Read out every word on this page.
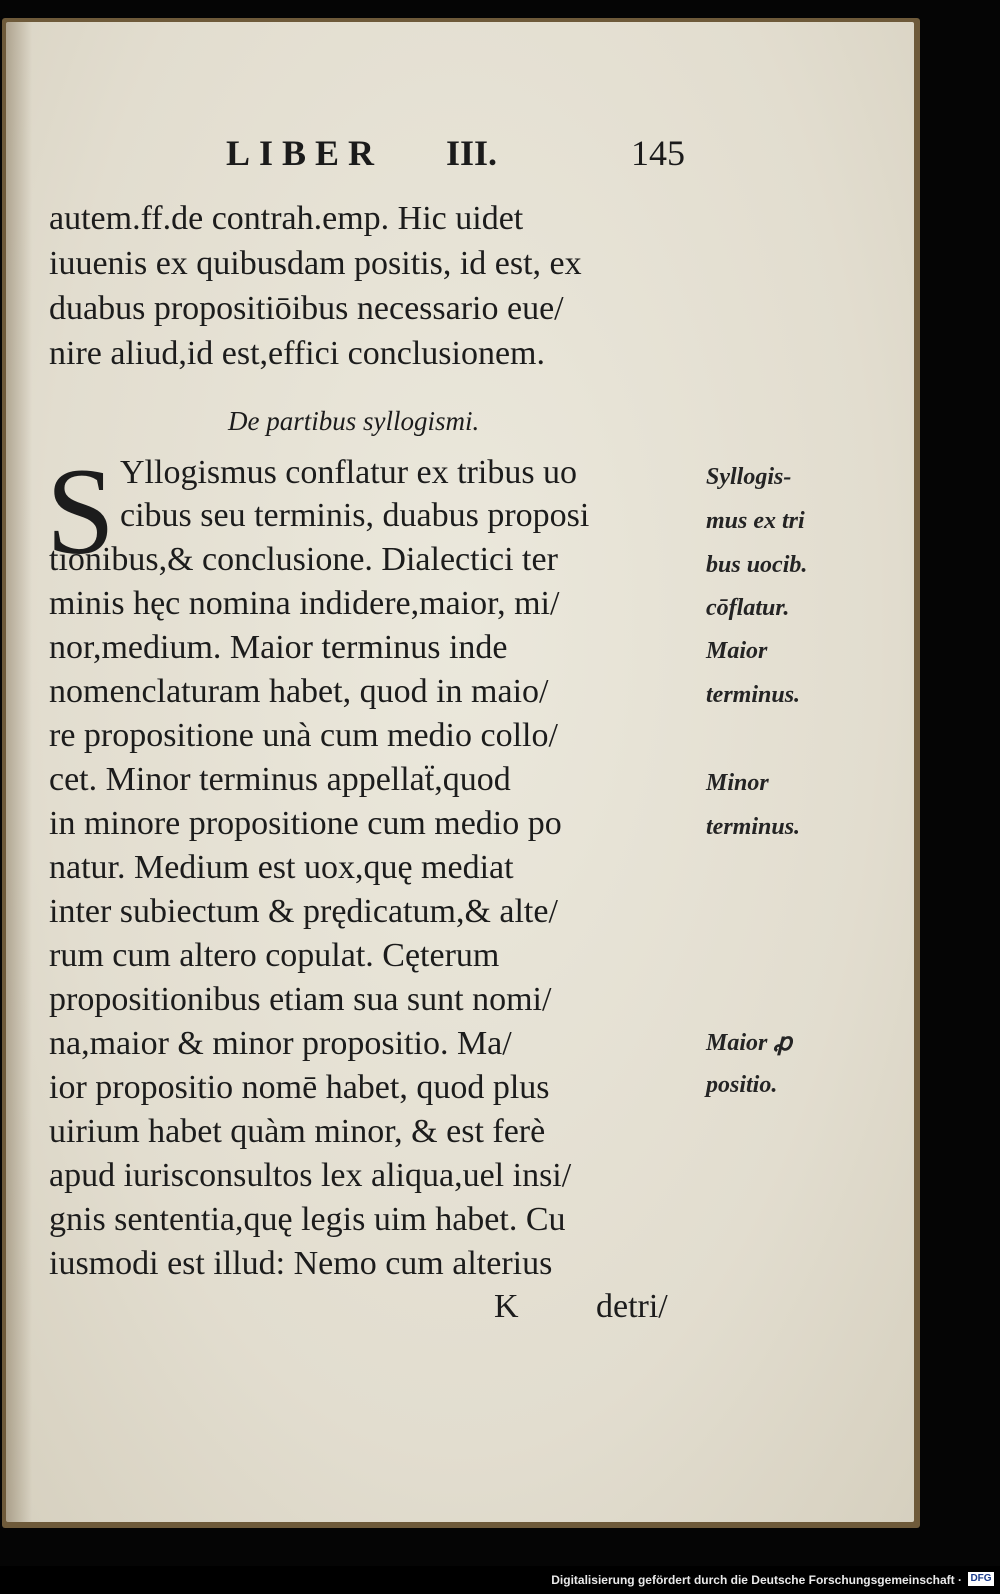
LIBER III.	145
autem.ff.de contrah.emp. Hic uidet
iuuenis ex quibusdam positis, id est, ex
duabus propositiōibus necessario eue/
nire aliud,id est,effici conclusionem.
De partibus syllogismi.
S Yllogismus conflatur ex tribus uo
cibus seu terminis, duabus proposi
tionibus,& conclusione. Dialectici ter
minis hęc nomina indidere,maior, mi/
nor,medium. Maior terminus inde
nomenclaturam habet, quod in maio/
re propositione unà cum medio collo/
cet. Minor terminus appellaẗ,quod
in minore propositione cum medio po
natur. Medium est uox,quę mediat
inter subiectum & prędicatum,& alte/
rum cum altero copulat. Cęterum
propositionibus etiam sua sunt nomi/
na,maior & minor propositio. Ma/
ior propositio nomē habet, quod plus
uirium habet quàm minor, & est ferè
apud iurisconsultos lex aliqua,uel insi/
gnis sententia,quę legis uim habet. Cu
iusmodi est illud: Nemo cum alterius
K detri/
Syllogis-
mus ex tri
bus uocib.
cōflatur.
Maior
terminus.
Minor
terminus.
Maior ꝓ
positio.
Digitalisierung gefördert durch die Deutsche Forschungsgemeinschaft · DFG
